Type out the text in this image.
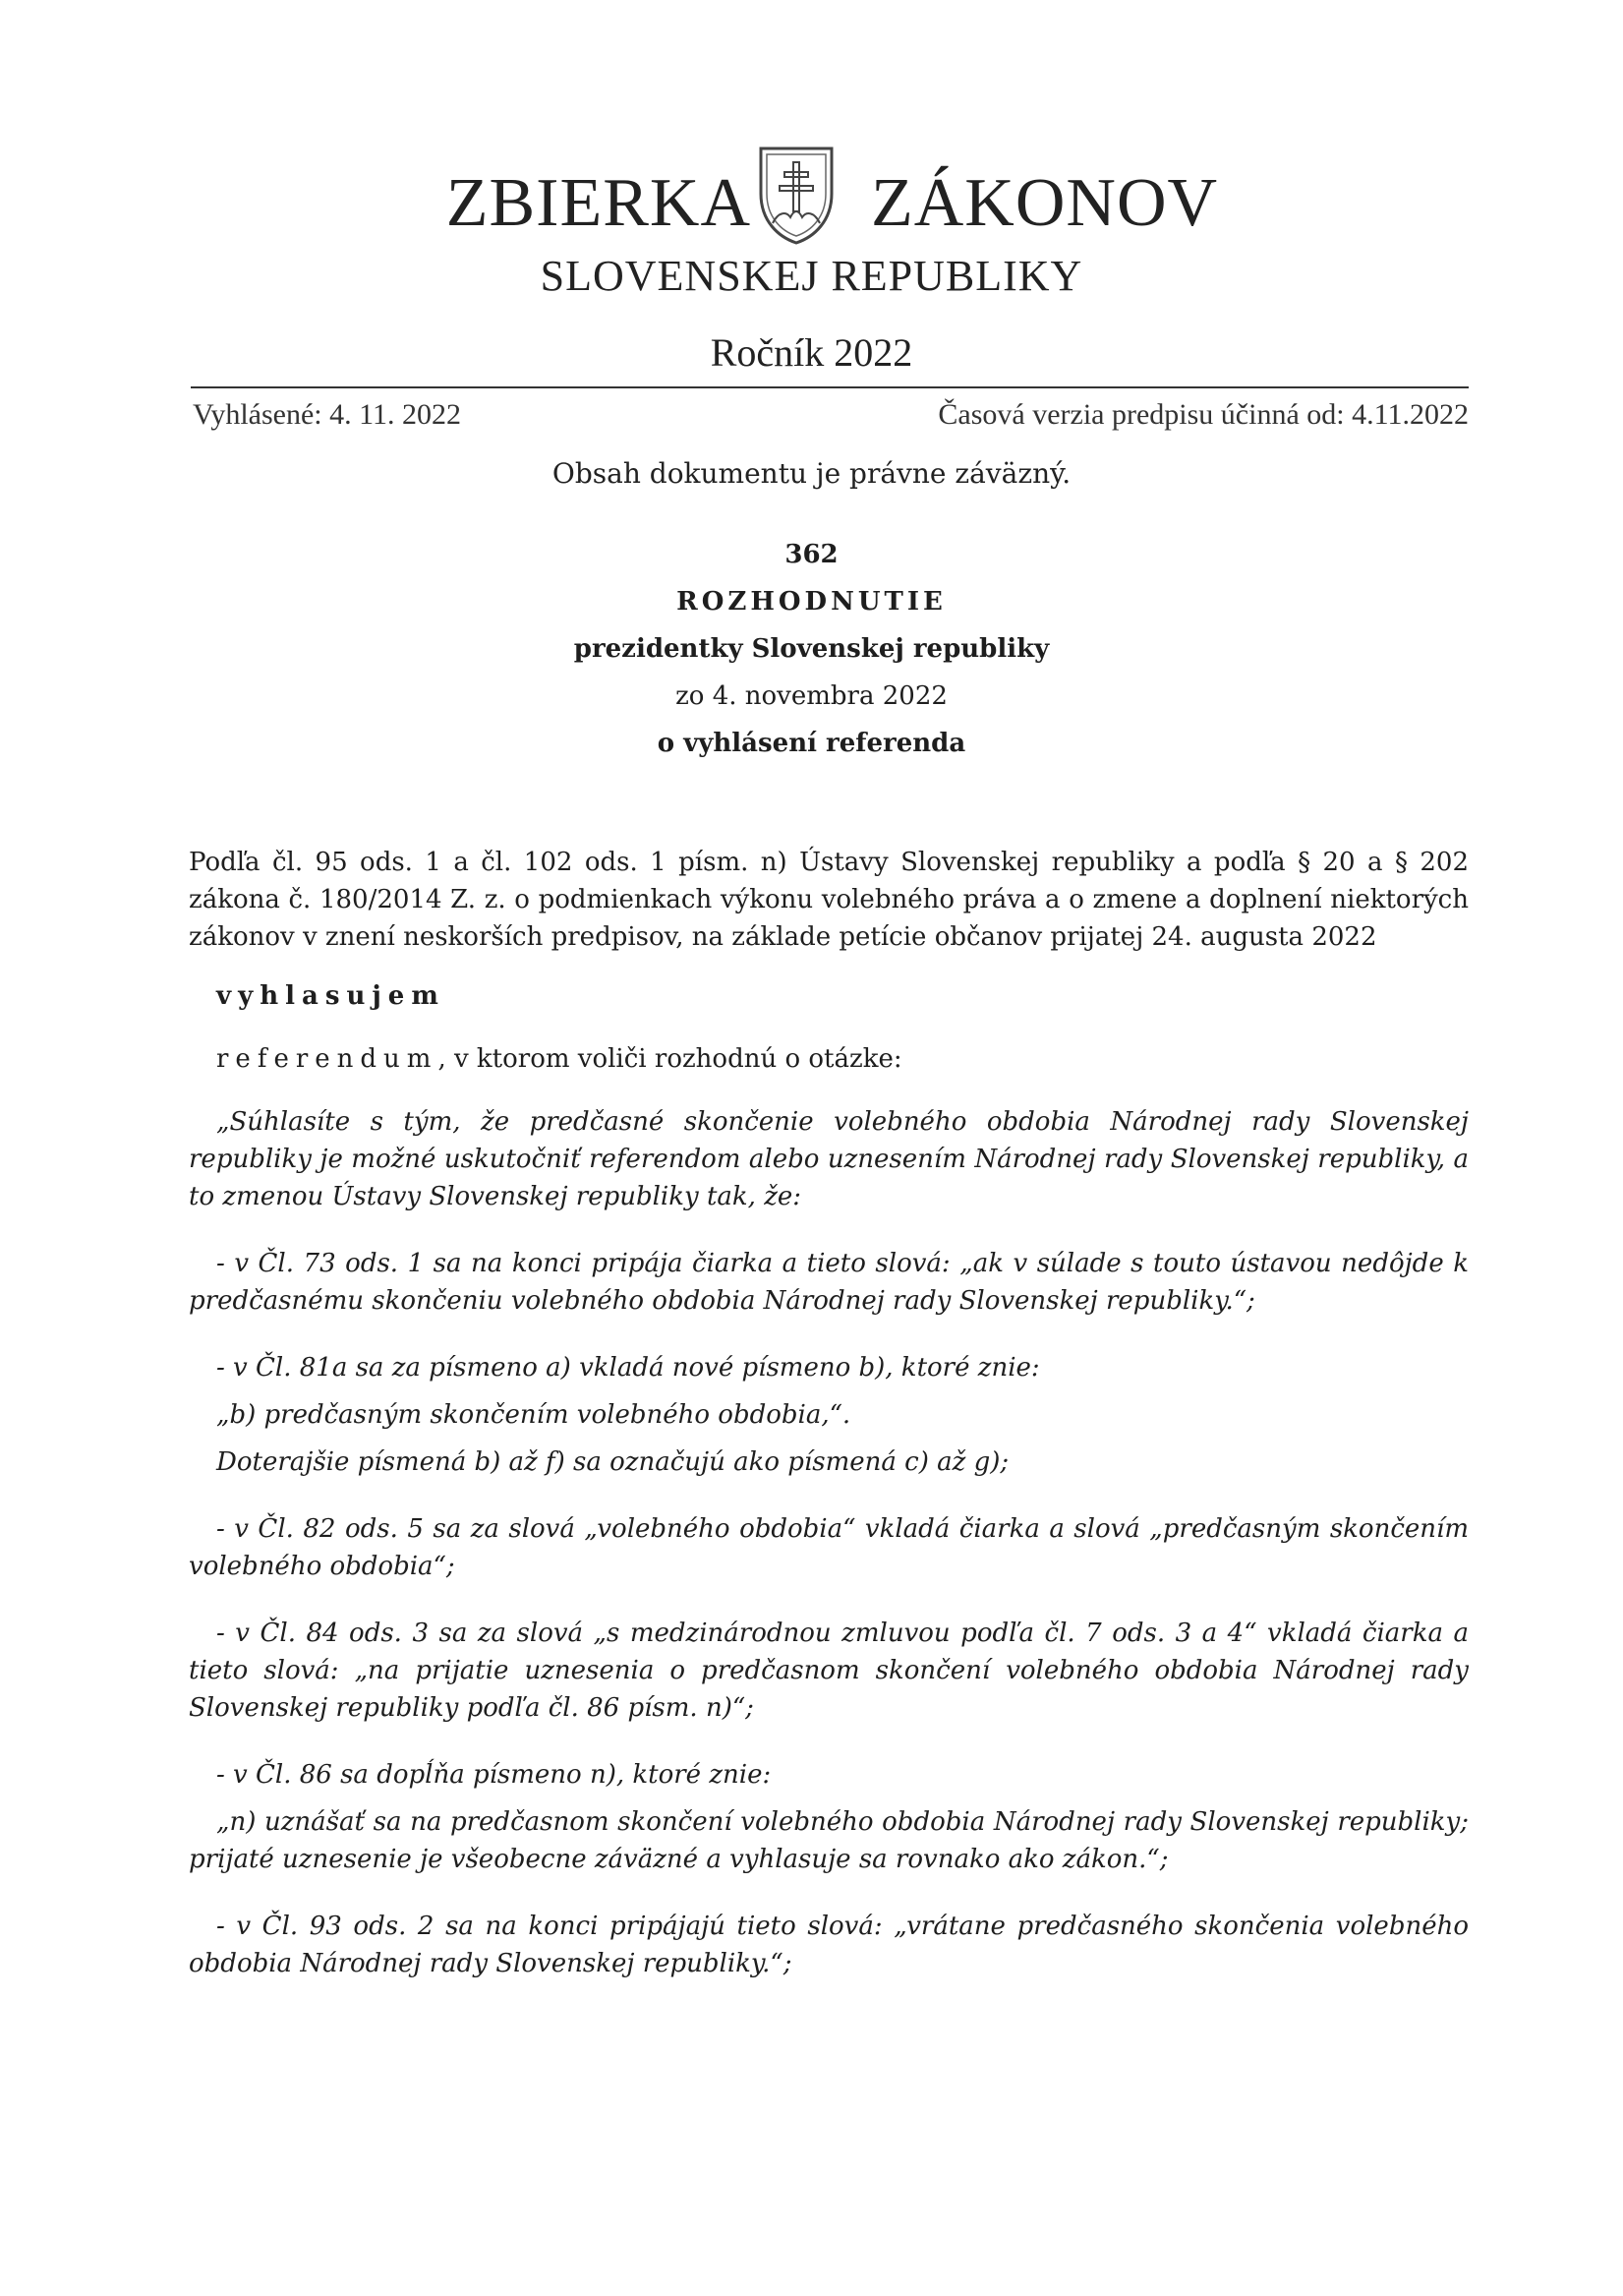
ZBIERKA ZÁKONOV
SLOVENSKEJ REPUBLIKY
Ročník 2022
Vyhlásené: 4. 11. 2022	Časová verzia predpisu účinná od: 4.11.2022
Obsah dokumentu je právne záväzný.
362
ROZHODNUTIE
prezidentky Slovenskej republiky
zo 4. novembra 2022
o vyhlásení referenda

Podľa čl. 95 ods. 1 a čl. 102 ods. 1 písm. n) Ústavy Slovenskej republiky a podľa § 20 a § 202 zákona č. 180/2014 Z. z. o podmienkach výkonu volebného práva a o zmene a doplnení niektorých zákonov v znení neskorších predpisov, na základe petície občanov prijatej 24. augusta 2022

vyhlasujem

referendum, v ktorom voliči rozhodnú o otázke:

„Súhlasíte s tým, že predčasné skončenie volebného obdobia Národnej rady Slovenskej republiky je možné uskutočniť referendom alebo uznesením Národnej rady Slovenskej republiky, a to zmenou Ústavy Slovenskej republiky tak, že:

- v Čl. 73 ods. 1 sa na konci pripája čiarka a tieto slová: „ak v súlade s touto ústavou nedôjde k predčasnému skončeniu volebného obdobia Národnej rady Slovenskej republiky.“;

- v Čl. 81a sa za písmeno a) vkladá nové písmeno b), ktoré znie:

„b) predčasným skončením volebného obdobia,“.

Doterajšie písmená b) až f) sa označujú ako písmená c) až g);

- v Čl. 82 ods. 5 sa za slová „volebného obdobia“ vkladá čiarka a slová „predčasným skončením volebného obdobia“;

- v Čl. 84 ods. 3 sa za slová „s medzinárodnou zmluvou podľa čl. 7 ods. 3 a 4“ vkladá čiarka a tieto slová: „na prijatie uznesenia o predčasnom skončení volebného obdobia Národnej rady Slovenskej republiky podľa čl. 86 písm. n)“;

- v Čl. 86 sa dopĺňa písmeno n), ktoré znie:

„n) uznášať sa na predčasnom skončení volebného obdobia Národnej rady Slovenskej republiky; prijaté uznesenie je všeobecne záväzné a vyhlasuje sa rovnako ako zákon.“;

- v Čl. 93 ods. 2 sa na konci pripájajú tieto slová: „vrátane predčasného skončenia volebného obdobia Národnej rady Slovenskej republiky.“;
